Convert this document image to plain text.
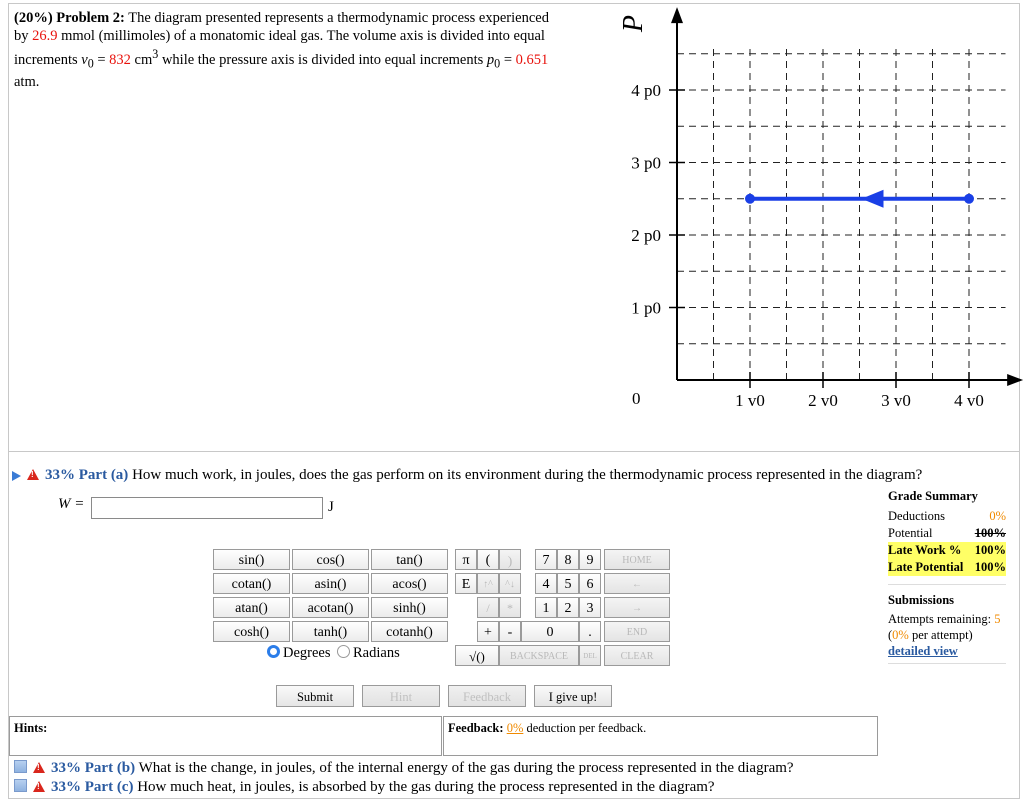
(20%) Problem 2: The diagram presented represents a thermodynamic process experienced by 26.9 mmol (millimoles) of a monatomic ideal gas. The volume axis is divided into equal increments $v_0 = 832$ $cm^3$ while the pressure axis is divided into equal increments $p_0 = 0.651$ atm.
1 v0	2 v0	3 v0	4 v0
1 p0
2 p0
3 p0
4 p0
0
P
!33% Part (a) How much work, in joules, does the gas perform on its environment during the thermodynamic process represented in the diagram?
W =	J
sin()	cos()	tan()
cotan()	asin()	acos()
atan()	acotan()	sinh()
cosh()	tanh()	cotanh()
π	(	)
E	↑^	^↓
/	*
+	-
√()
7	8	9
4	5	6
1	2	3
0	.
BACKSPACE	DEL
HOME
←
→
END
CLEAR
Degrees	Radians
Submit	Hint	Feedback	I give up!
Grade Summary
Deductions	0%
Potential	100%
Late Work % 100%
Late Potential 100%
Submissions
Attempts remaining: 5
(0% per attempt)
detailed view
Hints:	Feedback: 0% deduction per feedback.
!33% Part (b) What is the change, in joules, of the internal energy of the gas during the process represented in the diagram?
!33% Part (c) How much heat, in joules, is absorbed by the gas during the process represented in the diagram?
